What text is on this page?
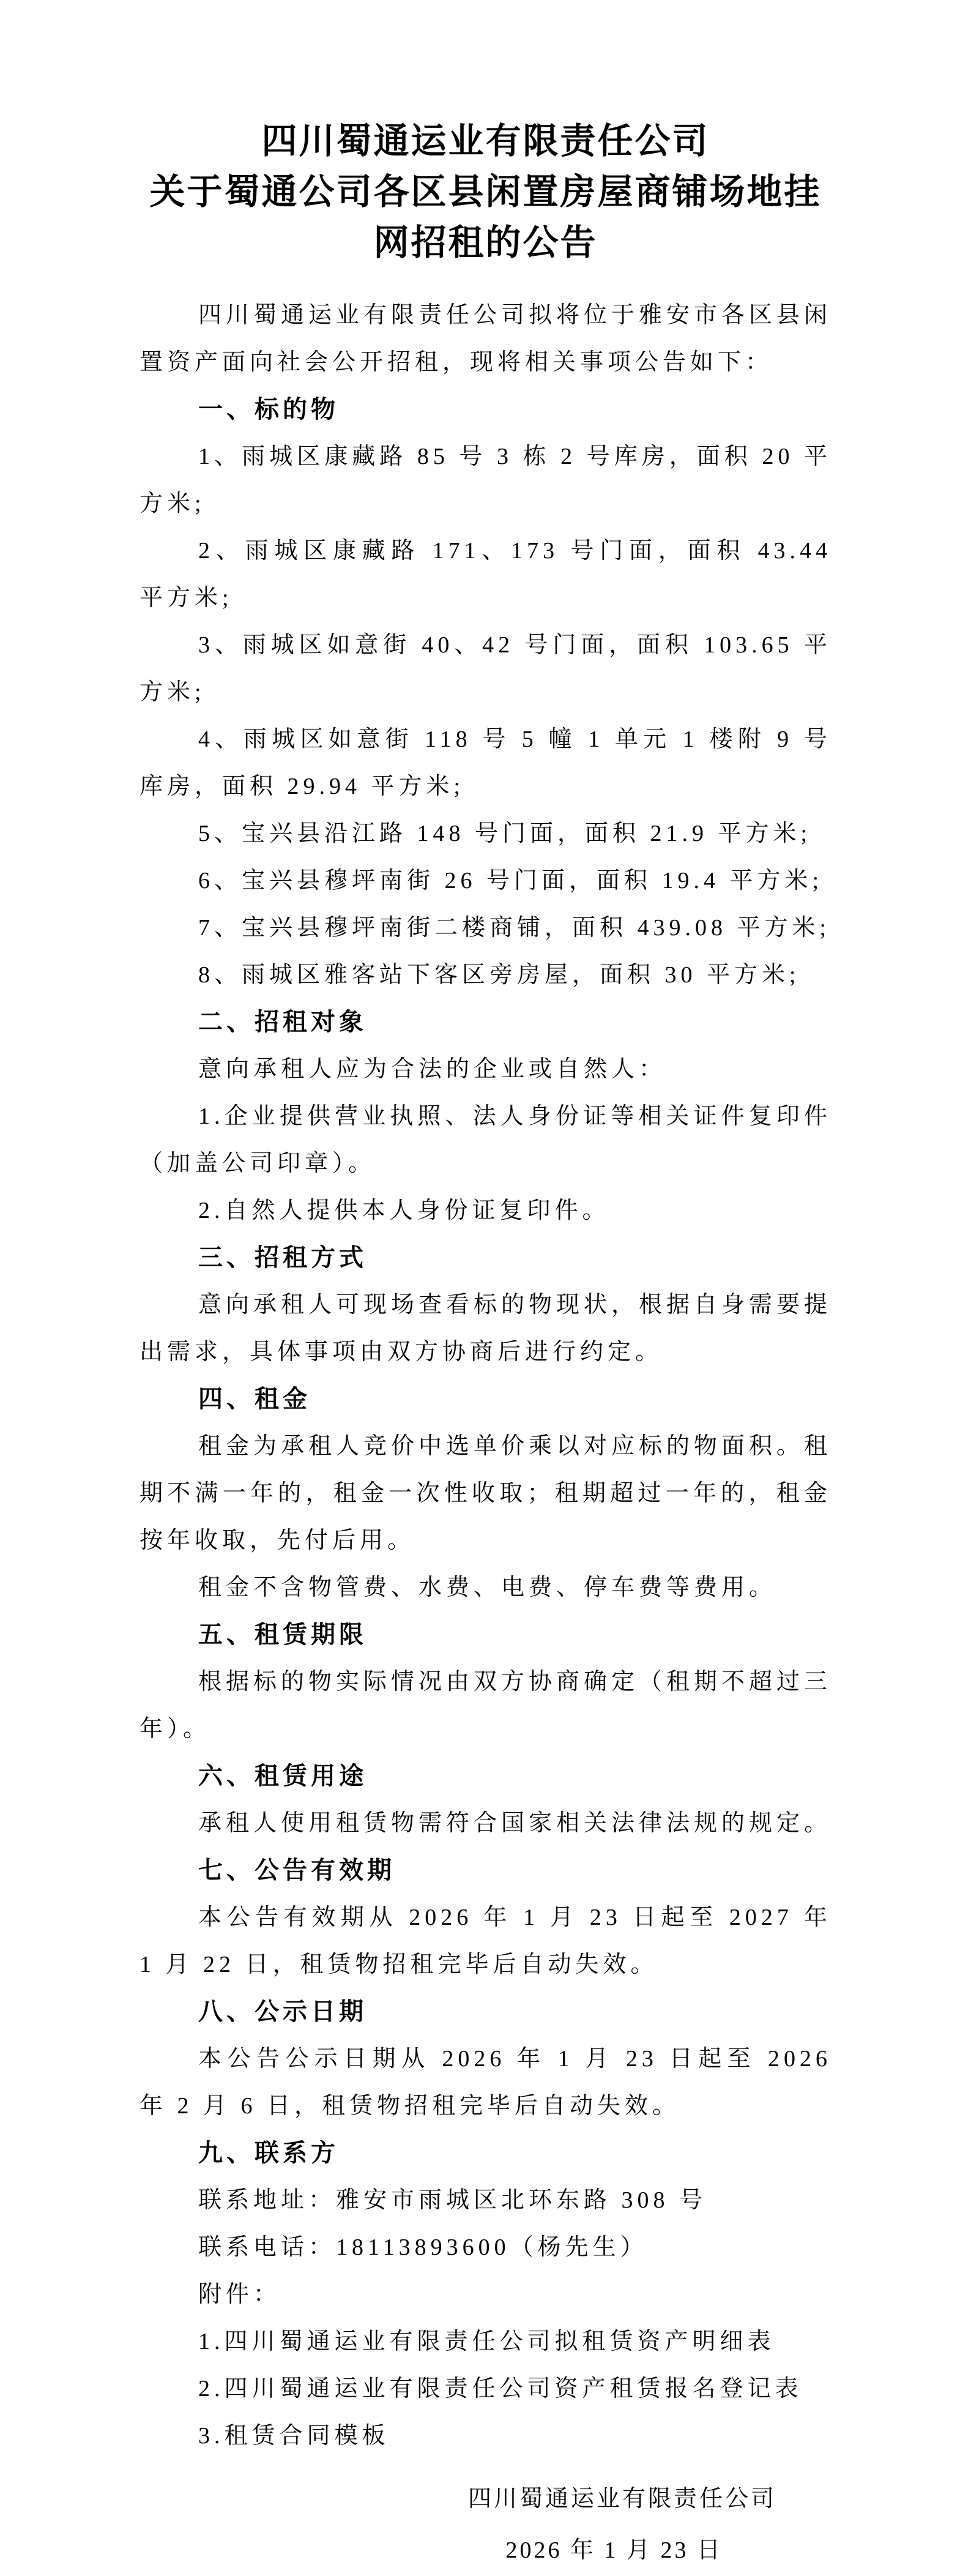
四川蜀通运业有限责任公司
关于蜀通公司各区县闲置房屋商铺场地挂
网招租的公告

四川蜀通运业有限责任公司拟将位于雅安市各区县闲置资产面向社会公开招租，现将相关事项公告如下：

一、标的物

1、雨城区康藏路 85 号 3 栋 2 号库房，面积 20 平方米;

2、雨城区康藏路 171、173 号门面，面积 43.44 平方米;

3、雨城区如意街 40、42 号门面，面积 103.65 平方米;

4、雨城区如意街 118 号 5 幢 1 单元 1 楼附 9 号库房，面积 29.94 平方米;

5、宝兴县沿江路 148 号门面，面积 21.9 平方米;

6、宝兴县穆坪南街 26 号门面，面积 19.4 平方米;

7、宝兴县穆坪南街二楼商铺，面积 439.08 平方米;

8、雨城区雅客站下客区旁房屋，面积 30 平方米;

二、招租对象

意向承租人应为合法的企业或自然人：

1.企业提供营业执照、法人身份证等相关证件复印件（加盖公司印章）。

2.自然人提供本人身份证复印件。

三、招租方式

意向承租人可现场查看标的物现状，根据自身需要提出需求，具体事项由双方协商后进行约定。

四、租金

租金为承租人竞价中选单价乘以对应标的物面积。租期不满一年的，租金一次性收取；租期超过一年的，租金按年收取，先付后用。

租金不含物管费、水费、电费、停车费等费用。

五、租赁期限

根据标的物实际情况由双方协商确定（租期不超过三年）。

六、租赁用途

承租人使用租赁物需符合国家相关法律法规的规定。

七、公告有效期

本公告有效期从 2026 年 1 月 23 日起至 2027 年 1 月 22 日，租赁物招租完毕后自动失效。

八、公示日期

本公告公示日期从 2026 年 1 月 23 日起至 2026 年 2 月 6 日，租赁物招租完毕后自动失效。

九、联系方

联系地址：雅安市雨城区北环东路 308 号

联系电话：18113893600（杨先生）

附件：

1.四川蜀通运业有限责任公司拟租赁资产明细表

2.四川蜀通运业有限责任公司资产租赁报名登记表

3.租赁合同模板

四川蜀通运业有限责任公司
2026 年 1 月 23 日
